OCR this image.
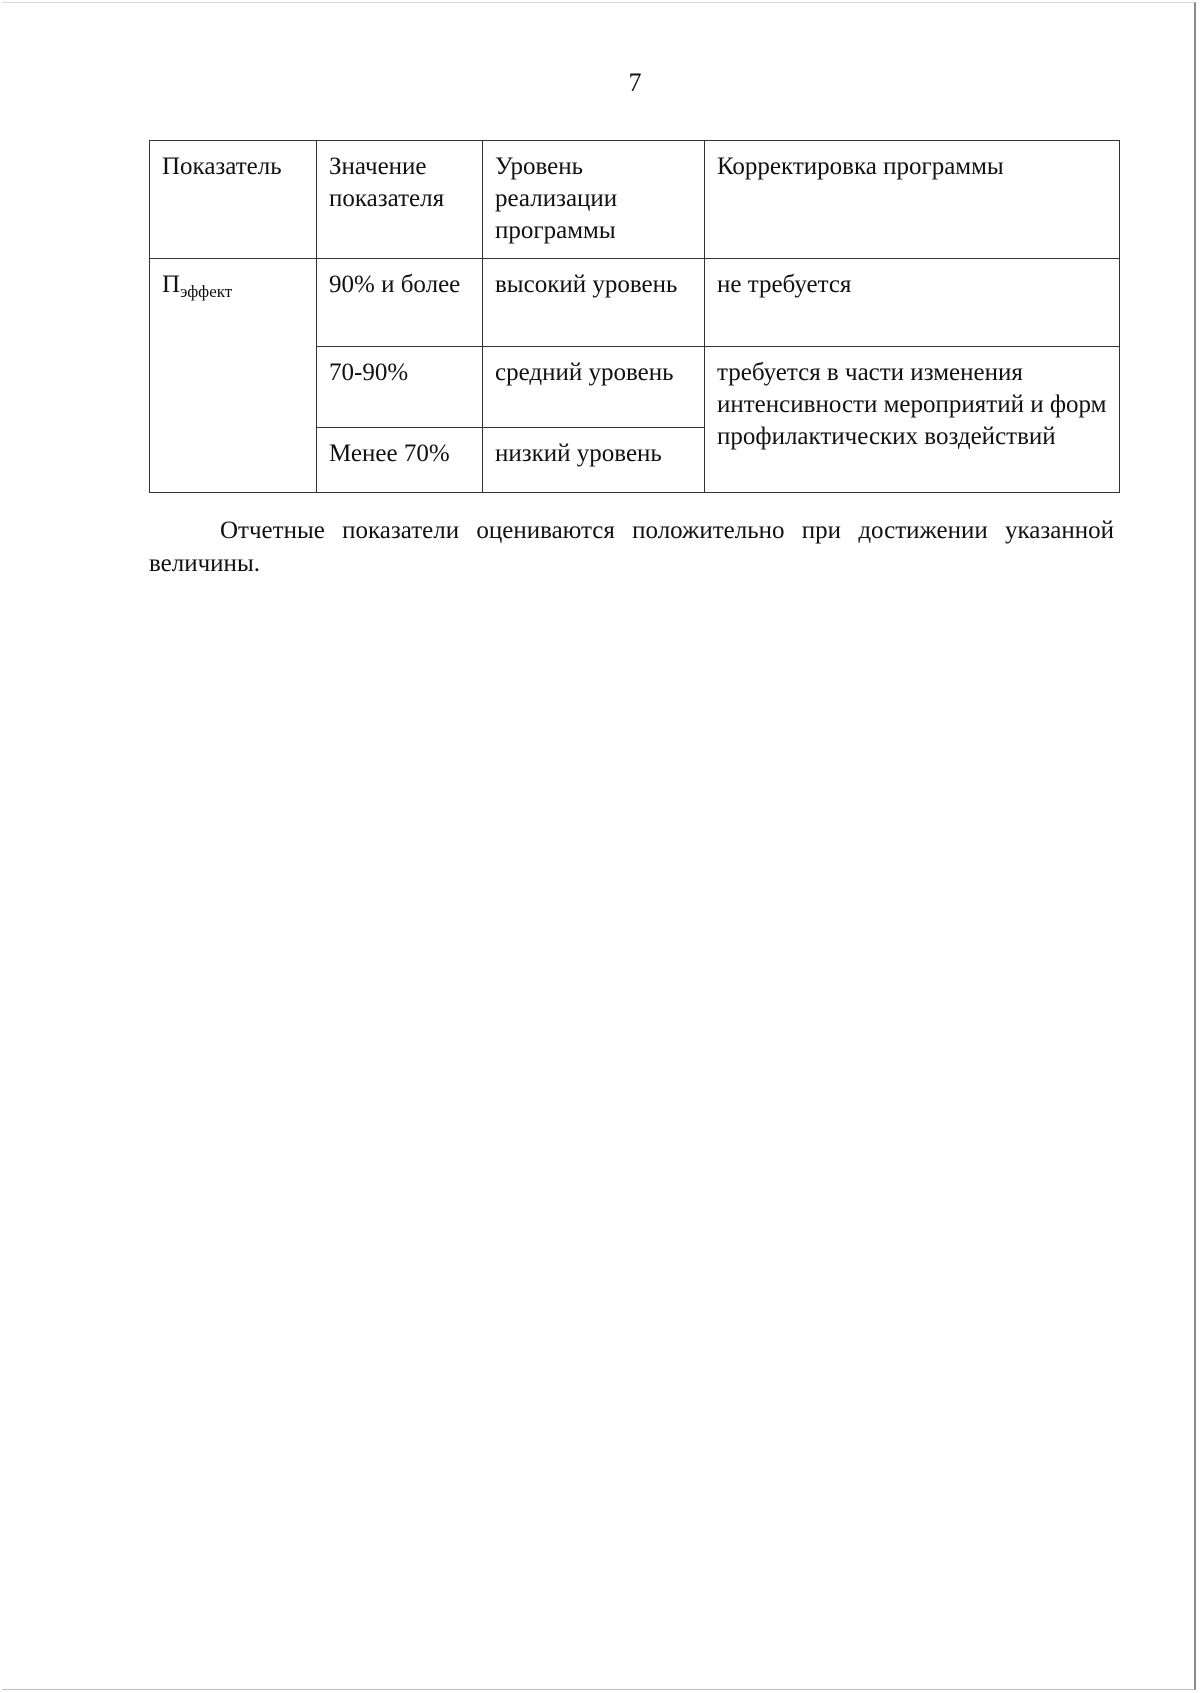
7
Показатель	Значение показателя	Уровень реализации программы	Корректировка программы
$П_{эффект}$	90% и более	высокий уровень	не требуется
	70-90%	средний уровень	требуется в части изменения интенсивности мероприятий и форм профилактических воздействий
	Менее 70%	низкий уровень	

Отчетные показатели оцениваются положительно при достижении указанной величины.
